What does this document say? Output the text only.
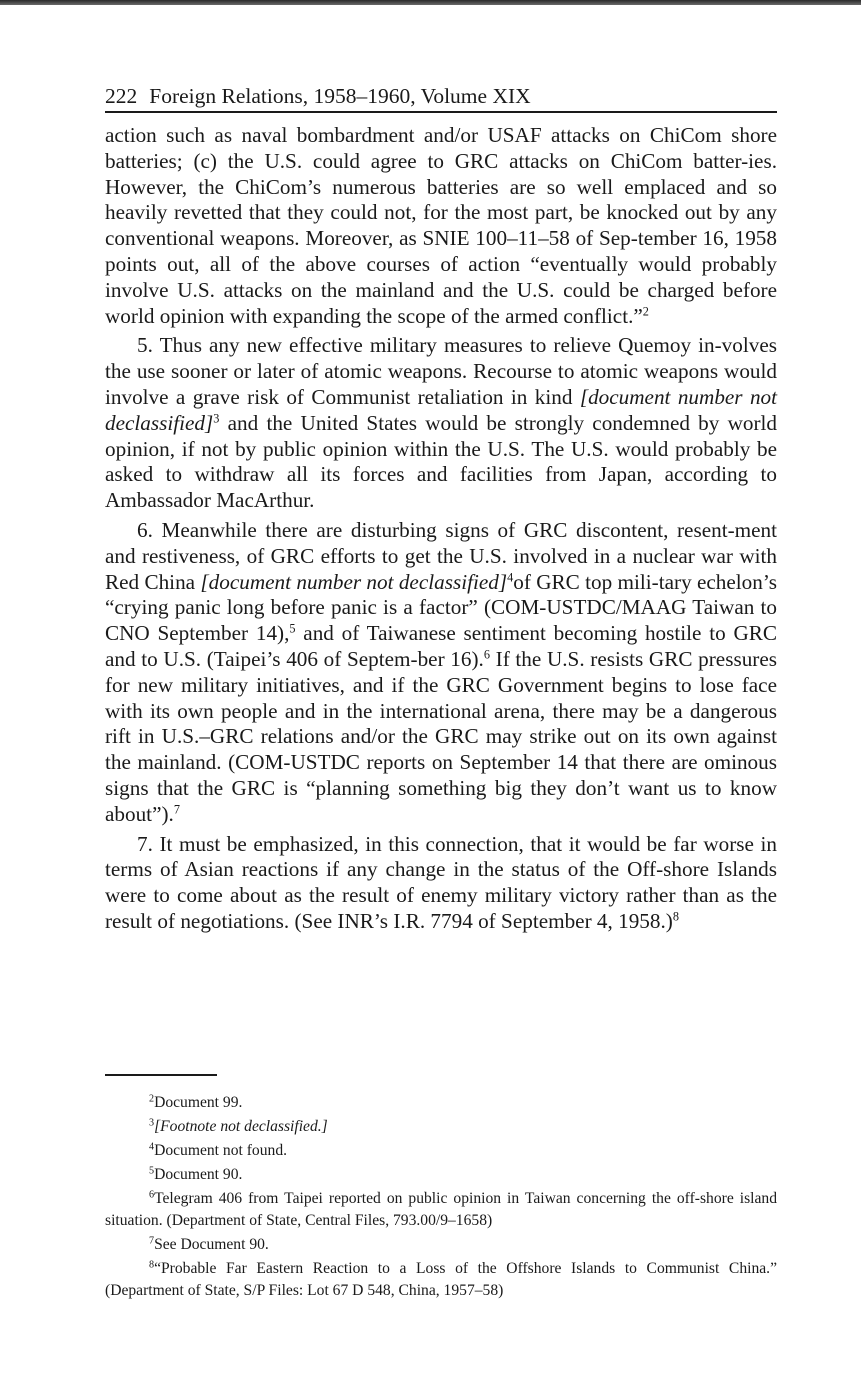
222 Foreign Relations, 1958–1960, Volume XIX

action such as naval bombardment and/or USAF attacks on ChiCom shore batteries; (c) the U.S. could agree to GRC attacks on ChiCom batter-ies. However, the ChiCom’s numerous batteries are so well emplaced and so heavily revetted that they could not, for the most part, be knocked out by any conventional weapons. Moreover, as SNIE 100–11–58 of Sep-tember 16, 1958 points out, all of the above courses of action “eventually would probably involve U.S. attacks on the mainland and the U.S. could be charged before world opinion with expanding the scope of the armed conflict.”$^2$

5. Thus any new effective military measures to relieve Quemoy in-volves the use sooner or later of atomic weapons. Recourse to atomic weapons would involve a grave risk of Communist retaliation in kind [document number not declassified]$^3$ and the United States would be strongly condemned by world opinion, if not by public opinion within the U.S. The U.S. would probably be asked to withdraw all its forces and facilities from Japan, according to Ambassador MacArthur.

6. Meanwhile there are disturbing signs of GRC discontent, resent-ment and restiveness, of GRC efforts to get the U.S. involved in a nuclear war with Red China [document number not declassified]$^4$of GRC top mili-tary echelon’s “crying panic long before panic is a factor” (COM-USTDC/MAAG Taiwan to CNO September 14),$^5$ and of Taiwanese sentiment becoming hostile to GRC and to U.S. (Taipei’s 406 of Septem-ber 16).$^6$ If the U.S. resists GRC pressures for new military initiatives, and if the GRC Government begins to lose face with its own people and in the international arena, there may be a dangerous rift in U.S.–GRC relations and/or the GRC may strike out on its own against the mainland. (COM-USTDC reports on September 14 that there are ominous signs that the GRC is “planning something big they don’t want us to know about”).$^7$

7. It must be emphasized, in this connection, that it would be far worse in terms of Asian reactions if any change in the status of the Off-shore Islands were to come about as the result of enemy military victory rather than as the result of negotiations. (See INR’s I.R. 7794 of September 4, 1958.)$^8$

$^2$Document 99.

$^3$[Footnote not declassified.]

$^4$Document not found.

$^5$Document 90.

$^6$Telegram 406 from Taipei reported on public opinion in Taiwan concerning the off-shore island situation. (Department of State, Central Files, 793.00/9–1658)

$^7$See Document 90.

$^8$“Probable Far Eastern Reaction to a Loss of the Offshore Islands to Communist China.” (Department of State, S/P Files: Lot 67 D 548, China, 1957–58)
